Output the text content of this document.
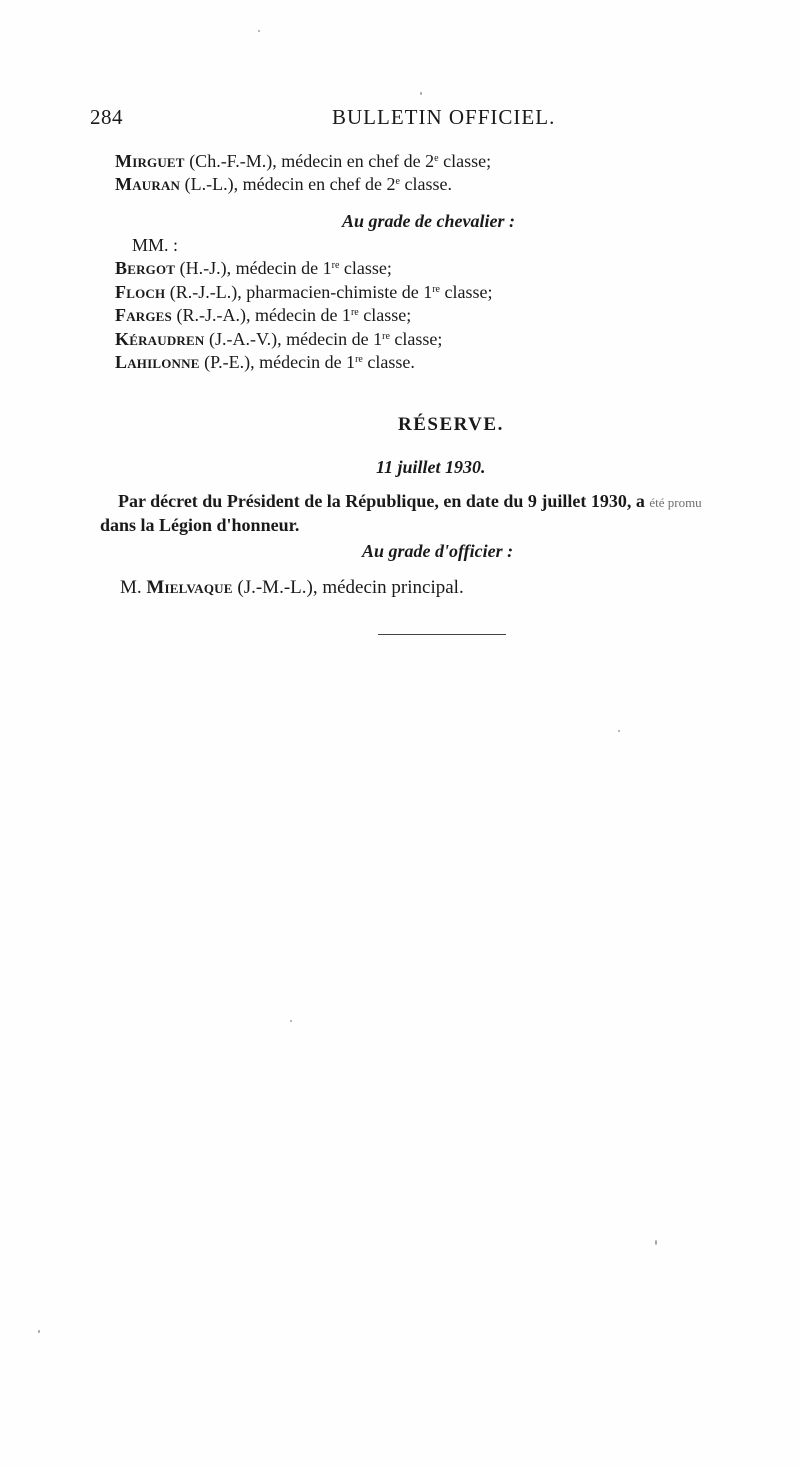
284	BULLETIN OFFICIEL.
Mirguet (Ch.-F.-M.), médecin en chef de 2e classe;
Mauran (L.-L.), médecin en chef de 2e classe.
Au grade de chevalier :
MM. :
Bergot (H.-J.), médecin de 1re classe;
Floch (R.-J.-L.), pharmacien-chimiste de 1re classe;
Farges (R.-J.-A.), médecin de 1re classe;
Kéraudren (J.-A.-V.), médecin de 1re classe;
Lahilonne (P.-E.), médecin de 1re classe.
RÉSERVE.
11 juillet 1930.
Par décret du Président de la République, en date du 9 juillet 1930, a été promu
dans la Légion d'honneur.
Au grade d'officier :
M. Mielvaque (J.-M.-L.), médecin principal.
